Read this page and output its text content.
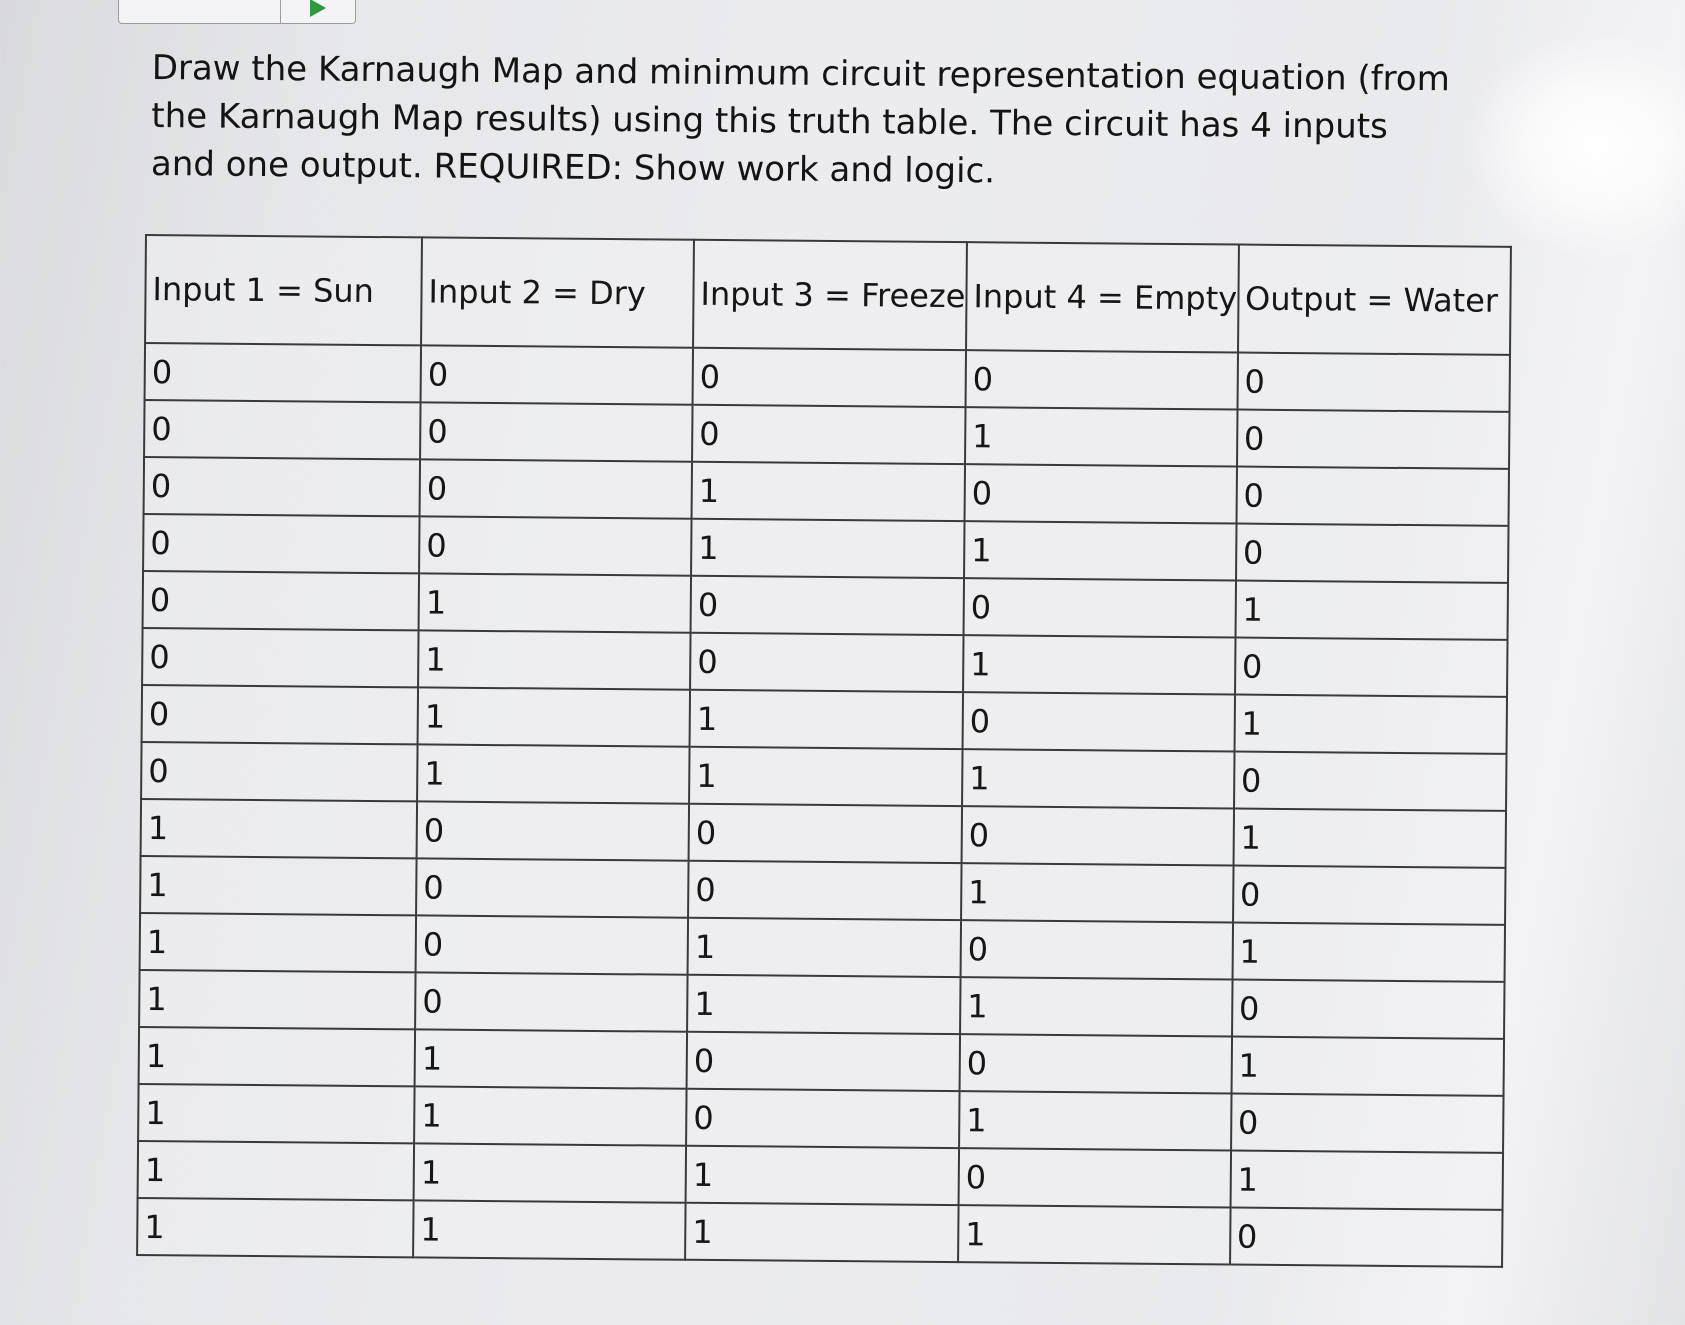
Draw the Karnaugh Map and minimum circuit representation equation (from the Karnaugh Map results) using this truth table. The circuit has 4 inputs and one output. REQUIRED: Show work and logic.

Input 1 = Sun	Input 2 = Dry	Input 3 = Freeze	Input 4 = Empty	Output = Water
0	0	0	0	0
0	0	0	1	0
0	0	1	0	0
0	0	1	1	0
0	1	0	0	1
0	1	0	1	0
0	1	1	0	1
0	1	1	1	0
1	0	0	0	1
1	0	0	1	0
1	0	1	0	1
1	0	1	1	0
1	1	0	0	1
1	1	0	1	0
1	1	1	0	1
1	1	1	1	0
